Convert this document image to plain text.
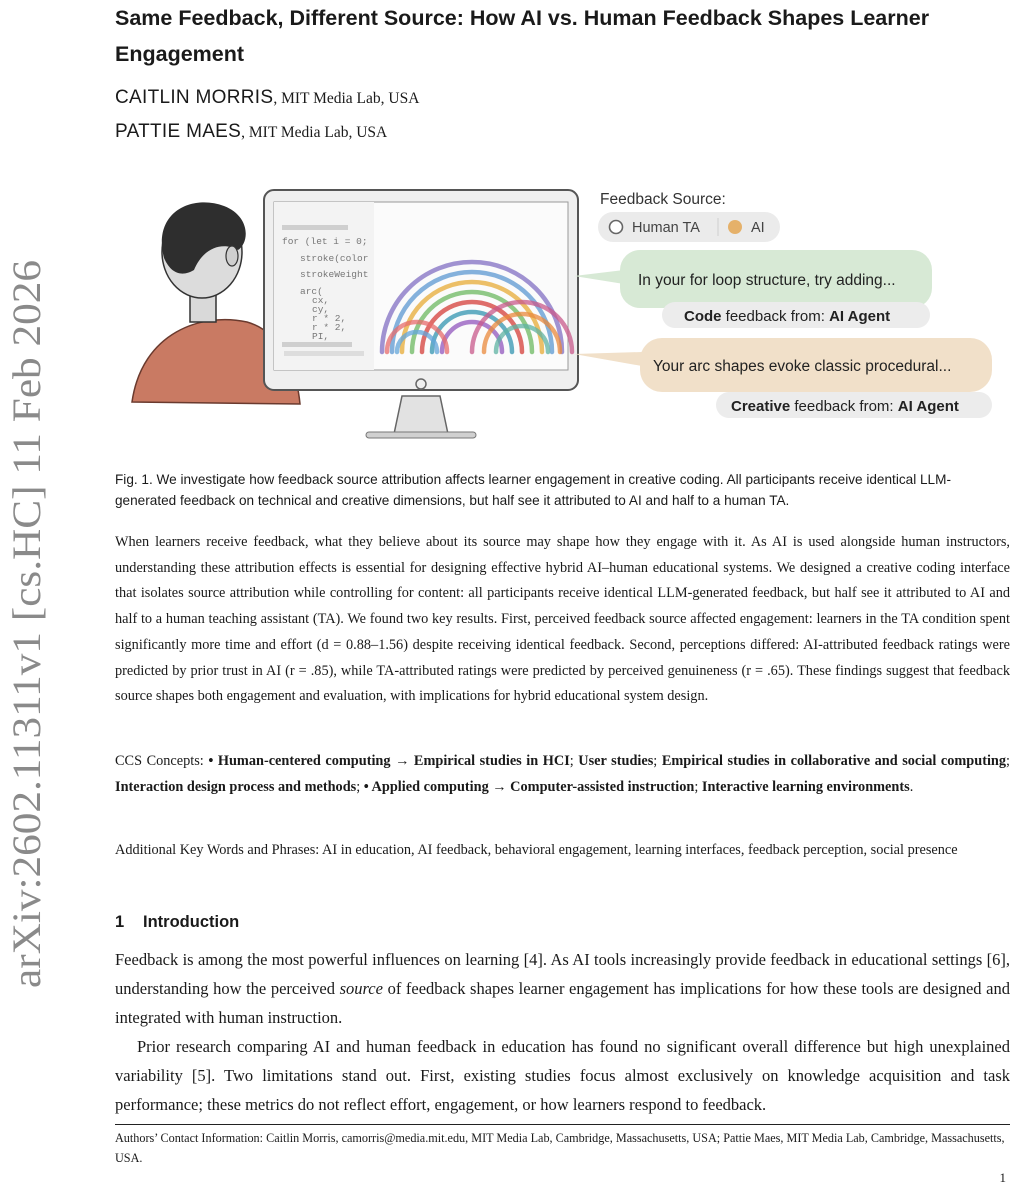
arXiv:2602.11311v1 [cs.HC] 11 Feb 2026
Same Feedback, Different Source: How AI vs. Human Feedback Shapes Learner Engagement
CAITLIN MORRIS, MIT Media Lab, USA
PATTIE MAES, MIT Media Lab, USA
for (let i = 0;
stroke(color
strokeWeight
arc(
cx,
cy,
r * 2,
r * 2,
PI,
Feedback Source:
Human TA	AI
In your for loop structure, try adding...
Code feedback from: AI Agent
Your arc shapes evoke classic procedural...
Creative feedback from: AI Agent
Fig. 1. We investigate how feedback source attribution affects learner engagement in creative coding. All participants receive identical LLM-generated feedback on technical and creative dimensions, but half see it attributed to AI and half to a human TA.
When learners receive feedback, what they believe about its source may shape how they engage with it. As AI is used alongside human instructors, understanding these attribution effects is essential for designing effective hybrid AI–human educational systems. We designed a creative coding interface that isolates source attribution while controlling for content: all participants receive identical LLM-generated feedback, but half see it attributed to AI and half to a human teaching assistant (TA). We found two key results. First, perceived feedback source affected engagement: learners in the TA condition spent significantly more time and effort (d = 0.88–1.56) despite receiving identical feedback. Second, perceptions differed: AI-attributed feedback ratings were predicted by prior trust in AI (r = .85), while TA-attributed ratings were predicted by perceived genuineness (r = .65). These findings suggest that feedback source shapes both engagement and evaluation, with implications for hybrid educational system design.
CCS Concepts: • Human-centered computing → Empirical studies in HCI; User studies; Empirical studies in collaborative and social computing; Interaction design process and methods; • Applied computing → Computer-assisted instruction; Interactive learning environments.
Additional Key Words and Phrases: AI in education, AI feedback, behavioral engagement, learning interfaces, feedback perception, social presence
1 Introduction
Feedback is among the most powerful influences on learning [4]. As AI tools increasingly provide feedback in educational settings [6], understanding how the perceived source of feedback shapes learner engagement has implications for how these tools are designed and integrated with human instruction.
Prior research comparing AI and human feedback in education has found no significant overall difference but high unexplained variability [5]. Two limitations stand out. First, existing studies focus almost exclusively on knowledge acquisition and task performance; these metrics do not reflect effort, engagement, or how learners respond to feedback.
Authors’ Contact Information: Caitlin Morris, camorris@media.mit.edu, MIT Media Lab, Cambridge, Massachusetts, USA; Pattie Maes, MIT Media Lab, Cambridge, Massachusetts, USA.
1
